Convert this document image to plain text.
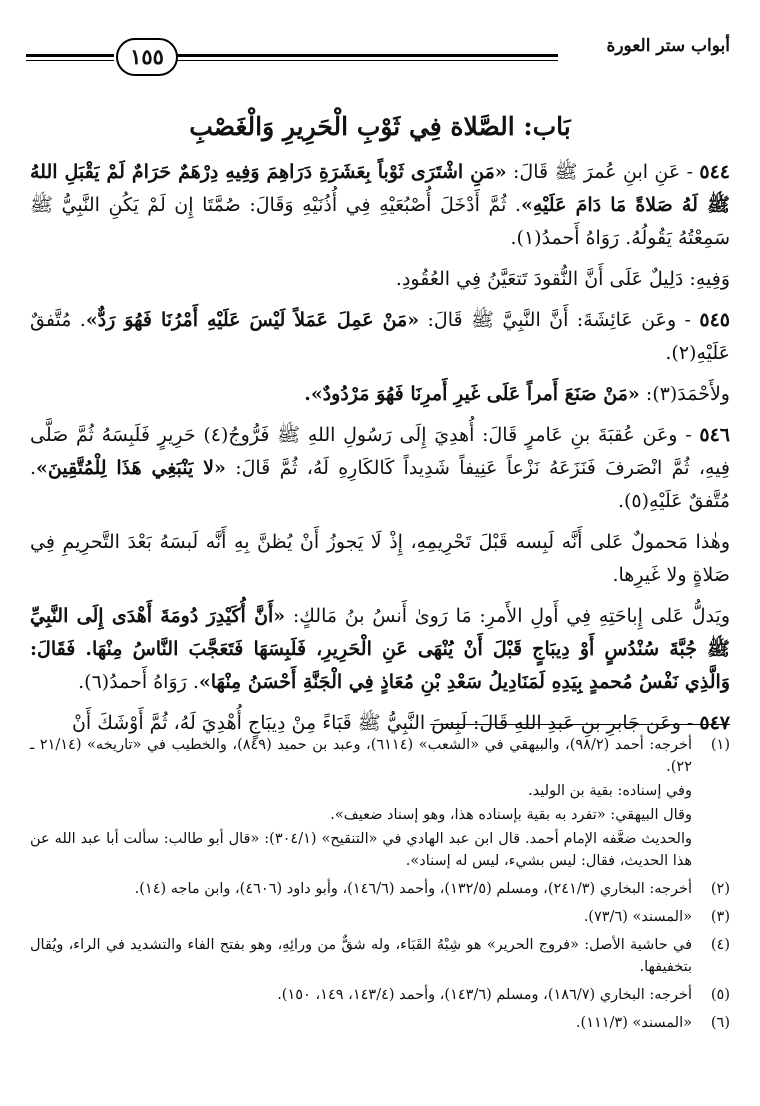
أبواب ستر العورة
١٥٥
بَاب: الصَّلاة فِي ثَوْبِ الْحَرِيرِ وَالْغَصْبِ

٥٤٤ - عَنِ ابنِ عُمرَ ﷺ قَالَ: «مَنِ اشْتَرَى ثَوْباً بِعَشَرَةِ دَرَاهِمَ وَفِيهِ دِرْهَمٌ حَرَامٌ لَمْ يَقْبَلِ اللهُ ﷺ لَهُ صَلاةً مَا دَامَ عَلَيْهِ». ثُمَّ أَدْخَلَ أُصْبُعَيْهِ فِي أُذُنَيْهِ وَقَالَ: صُمَّتَا إِن لَمْ يَكُنِ النَّبِيُّ ﷺ سَمِعْتُهُ يَقُولُهُ. رَوَاهُ أَحمدُ(١).

وَفِيهِ: دَلِيلٌ عَلَى أَنَّ النُّقودَ تَتعَيَّنُ فِي العُقُودِ.

٥٤٥ - وعَن عَائِشَةَ: أَنَّ النَّبِيَّ ﷺ قَالَ: «مَنْ عَمِلَ عَمَلاً لَيْسَ عَلَيْهِ أَمْرُنَا فَهُوَ رَدٌّ». مُتَّفقٌ عَلَيْهِ(٢).

ولأَحْمَدَ(٣): «مَنْ صَنَعَ أَمراً عَلَى غَيرِ أَمرِنَا فَهُوَ مَرْدُودٌ».

٥٤٦ - وعَن عُقبَةَ بنِ عَامرٍ قَالَ: أُهدِيَ إِلَى رَسُولِ اللهِ ﷺ فَرُّوجُ(٤) حَرِيرٍ فَلَبِسَهُ ثُمَّ صَلَّى فِيهِ، ثُمَّ انْصَرفَ فَنَزَعَهُ نَزْعاً عَنِيفاً شَدِيداً كَالكَارِهِ لَهُ، ثُمَّ قَالَ: «لا يَنْبَغِي هَذَا لِلْمُتَّقِينَ». مُتَّفقٌ عَلَيْهِ(٥).

وهٰذا مَحمولٌ عَلى أَنَّه لَبِسه قَبْلَ تَحْرِيمِهِ، إِذْ لَا يَجوزُ أَنْ يُظنَّ بِهِ أَنَّه لَبسَهُ بَعْدَ التَّحرِيمِ فِي صَلاةٍ ولا غَيرِها.

ويَدلُّ عَلى إِباحَتِهِ فِي أَولِ الأَمرِ: مَا رَوىٰ أَنسُ بنُ مَالكٍ: «أَنَّ أُكَيْدِرَ دُومَةَ أَهْدَى إِلَى النَّبِيِّ ﷺ جُبَّةَ سُنْدُسٍ أَوْ دِيبَاجٍ قَبْلَ أَنْ يُنْهَى عَنِ الْحَرِيرِ، فَلَبِسَهَا فَتَعَجَّبَ النَّاسُ مِنْهَا. فَقَالَ: وَالَّذِي نَفْسُ مُحمدٍ بِيَدِهِ لَمَنَادِيلُ سَعْدِ بْنِ مُعَاذٍ فِي الْجَنَّةِ أَحْسَنُ مِنْهَا». رَوَاهُ أَحمدُ(٦).

٥٤٧ - وعَن جَابرِ بنِ عَبدِ اللهِ قَالَ: لَبِسَ النَّبِيُّ ﷺ قَبَاءً مِنْ دِيبَاجٍ أُهْدِيَ لَهُ، ثُمَّ أَوْشَكَ أَنْ

(١)
أخرجه: أحمد (٩٨/٢)، والبيهقي في «الشعب» (٦١١٤)، وعبد بن حميد (٨٤٩)، والخطيب في «تاريخه» (٢١/١٤ ـ ٢٢).
وفي إسناده: بقية بن الوليد.
وقال البيهقي: «تفرد به بقية بإسناده هذا، وهو إسناد ضعيف».
والحديث ضعَّفه الإمام أحمد. قال ابن عبد الهادي في «التنقيح» (٣٠٤/١): «قال أبو طالب: سألت أبا عبد الله عن هذا الحديث، فقال: ليس بشيء، ليس له إسناد».
(٢)
أخرجه: البخاري (٢٤١/٣)، ومسلم (١٣٢/٥)، وأحمد (١٤٦/٦)، وأبو داود (٤٦٠٦)، وابن ماجه (١٤).
(٣)
«المسند» (٧٣/٦).
(٤)
في حاشية الأصل: «فروج الحرير» هو شِبْهُ القَبَاء، وله شقٌّ من ورائِهِ، وهو بفتح الفاء والتشديد في الراء، ويُقال بتخفيفها.
(٥)
أخرجه: البخاري (١٨٦/٧)، ومسلم (١٤٣/٦)، وأحمد (١٤٣/٤، ١٤٩، ١٥٠).
(٦)
«المسند» (١١١/٣).
